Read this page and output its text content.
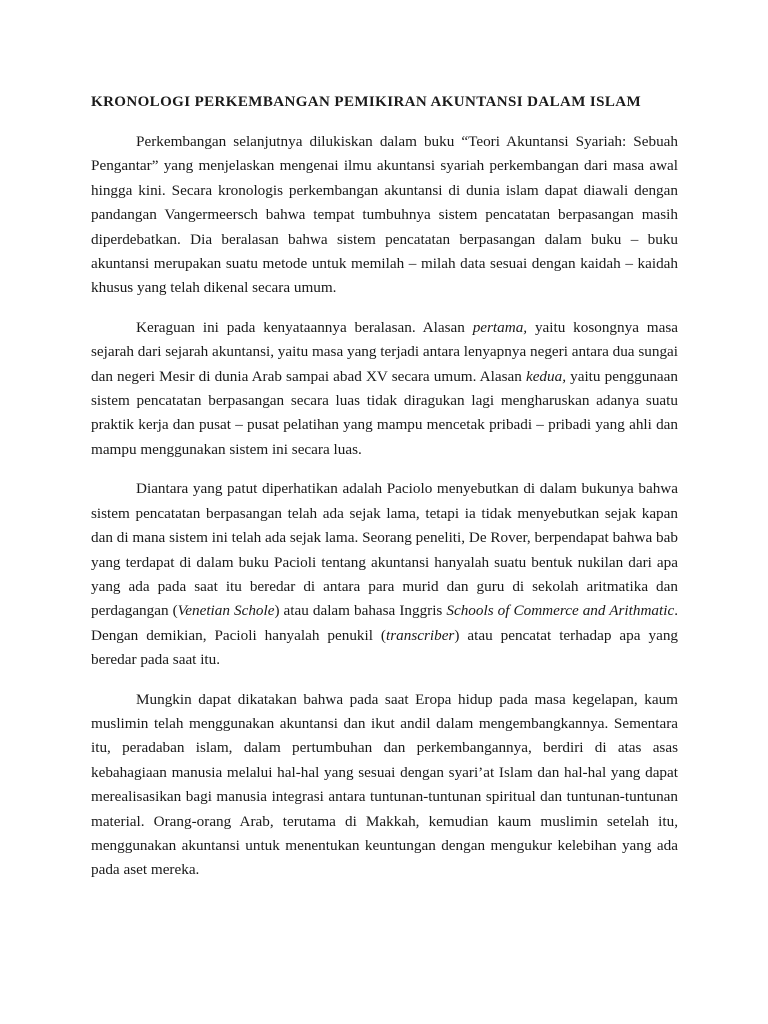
KRONOLOGI PERKEMBANGAN PEMIKIRAN AKUNTANSI DALAM ISLAM

Perkembangan selanjutnya dilukiskan dalam buku “Teori Akuntansi Syariah: Sebuah Pengantar” yang menjelaskan mengenai ilmu akuntansi syariah perkembangan dari masa awal hingga kini. Secara kronologis perkembangan akuntansi di dunia islam dapat diawali dengan pandangan Vangermeersch bahwa tempat tumbuhnya sistem pencatatan berpasangan masih diperdebatkan. Dia beralasan bahwa sistem pencatatan berpasangan dalam buku – buku akuntansi merupakan suatu metode untuk memilah – milah data sesuai dengan kaidah – kaidah khusus yang telah dikenal secara umum.

Keraguan ini pada kenyataannya beralasan. Alasan pertama, yaitu kosongnya masa sejarah dari sejarah akuntansi, yaitu masa yang terjadi antara lenyapnya negeri antara dua sungai dan negeri Mesir di dunia Arab sampai abad XV secara umum. Alasan kedua, yaitu penggunaan sistem pencatatan berpasangan secara luas tidak diragukan lagi mengharuskan adanya suatu praktik kerja dan pusat – pusat pelatihan yang mampu mencetak pribadi – pribadi yang ahli dan mampu menggunakan sistem ini secara luas.

Diantara yang patut diperhatikan adalah Paciolo menyebutkan di dalam bukunya bahwa sistem pencatatan berpasangan telah ada sejak lama, tetapi ia tidak menyebutkan sejak kapan dan di mana sistem ini telah ada sejak lama. Seorang peneliti, De Rover, berpendapat bahwa bab yang terdapat di dalam buku Pacioli tentang akuntansi hanyalah suatu bentuk nukilan dari apa yang ada pada saat itu beredar di antara para murid dan guru di sekolah aritmatika dan perdagangan (Venetian Schole) atau dalam bahasa Inggris Schools of Commerce and Arithmatic. Dengan demikian, Pacioli hanyalah penukil (transcriber) atau pencatat terhadap apa yang beredar pada saat itu.

Mungkin dapat dikatakan bahwa pada saat Eropa hidup pada masa kegelapan, kaum muslimin telah menggunakan akuntansi dan ikut andil dalam mengembangkannya. Sementara itu, peradaban islam, dalam pertumbuhan dan perkembangannya, berdiri di atas asas kebahagiaan manusia melalui hal-hal yang sesuai dengan syari’at Islam dan hal-hal yang dapat merealisasikan bagi manusia integrasi antara tuntunan-tuntunan spiritual dan tuntunan-tuntunan material. Orang-orang Arab, terutama di Makkah, kemudian kaum muslimin setelah itu, menggunakan akuntansi untuk menentukan keuntungan dengan mengukur kelebihan yang ada pada aset mereka.
